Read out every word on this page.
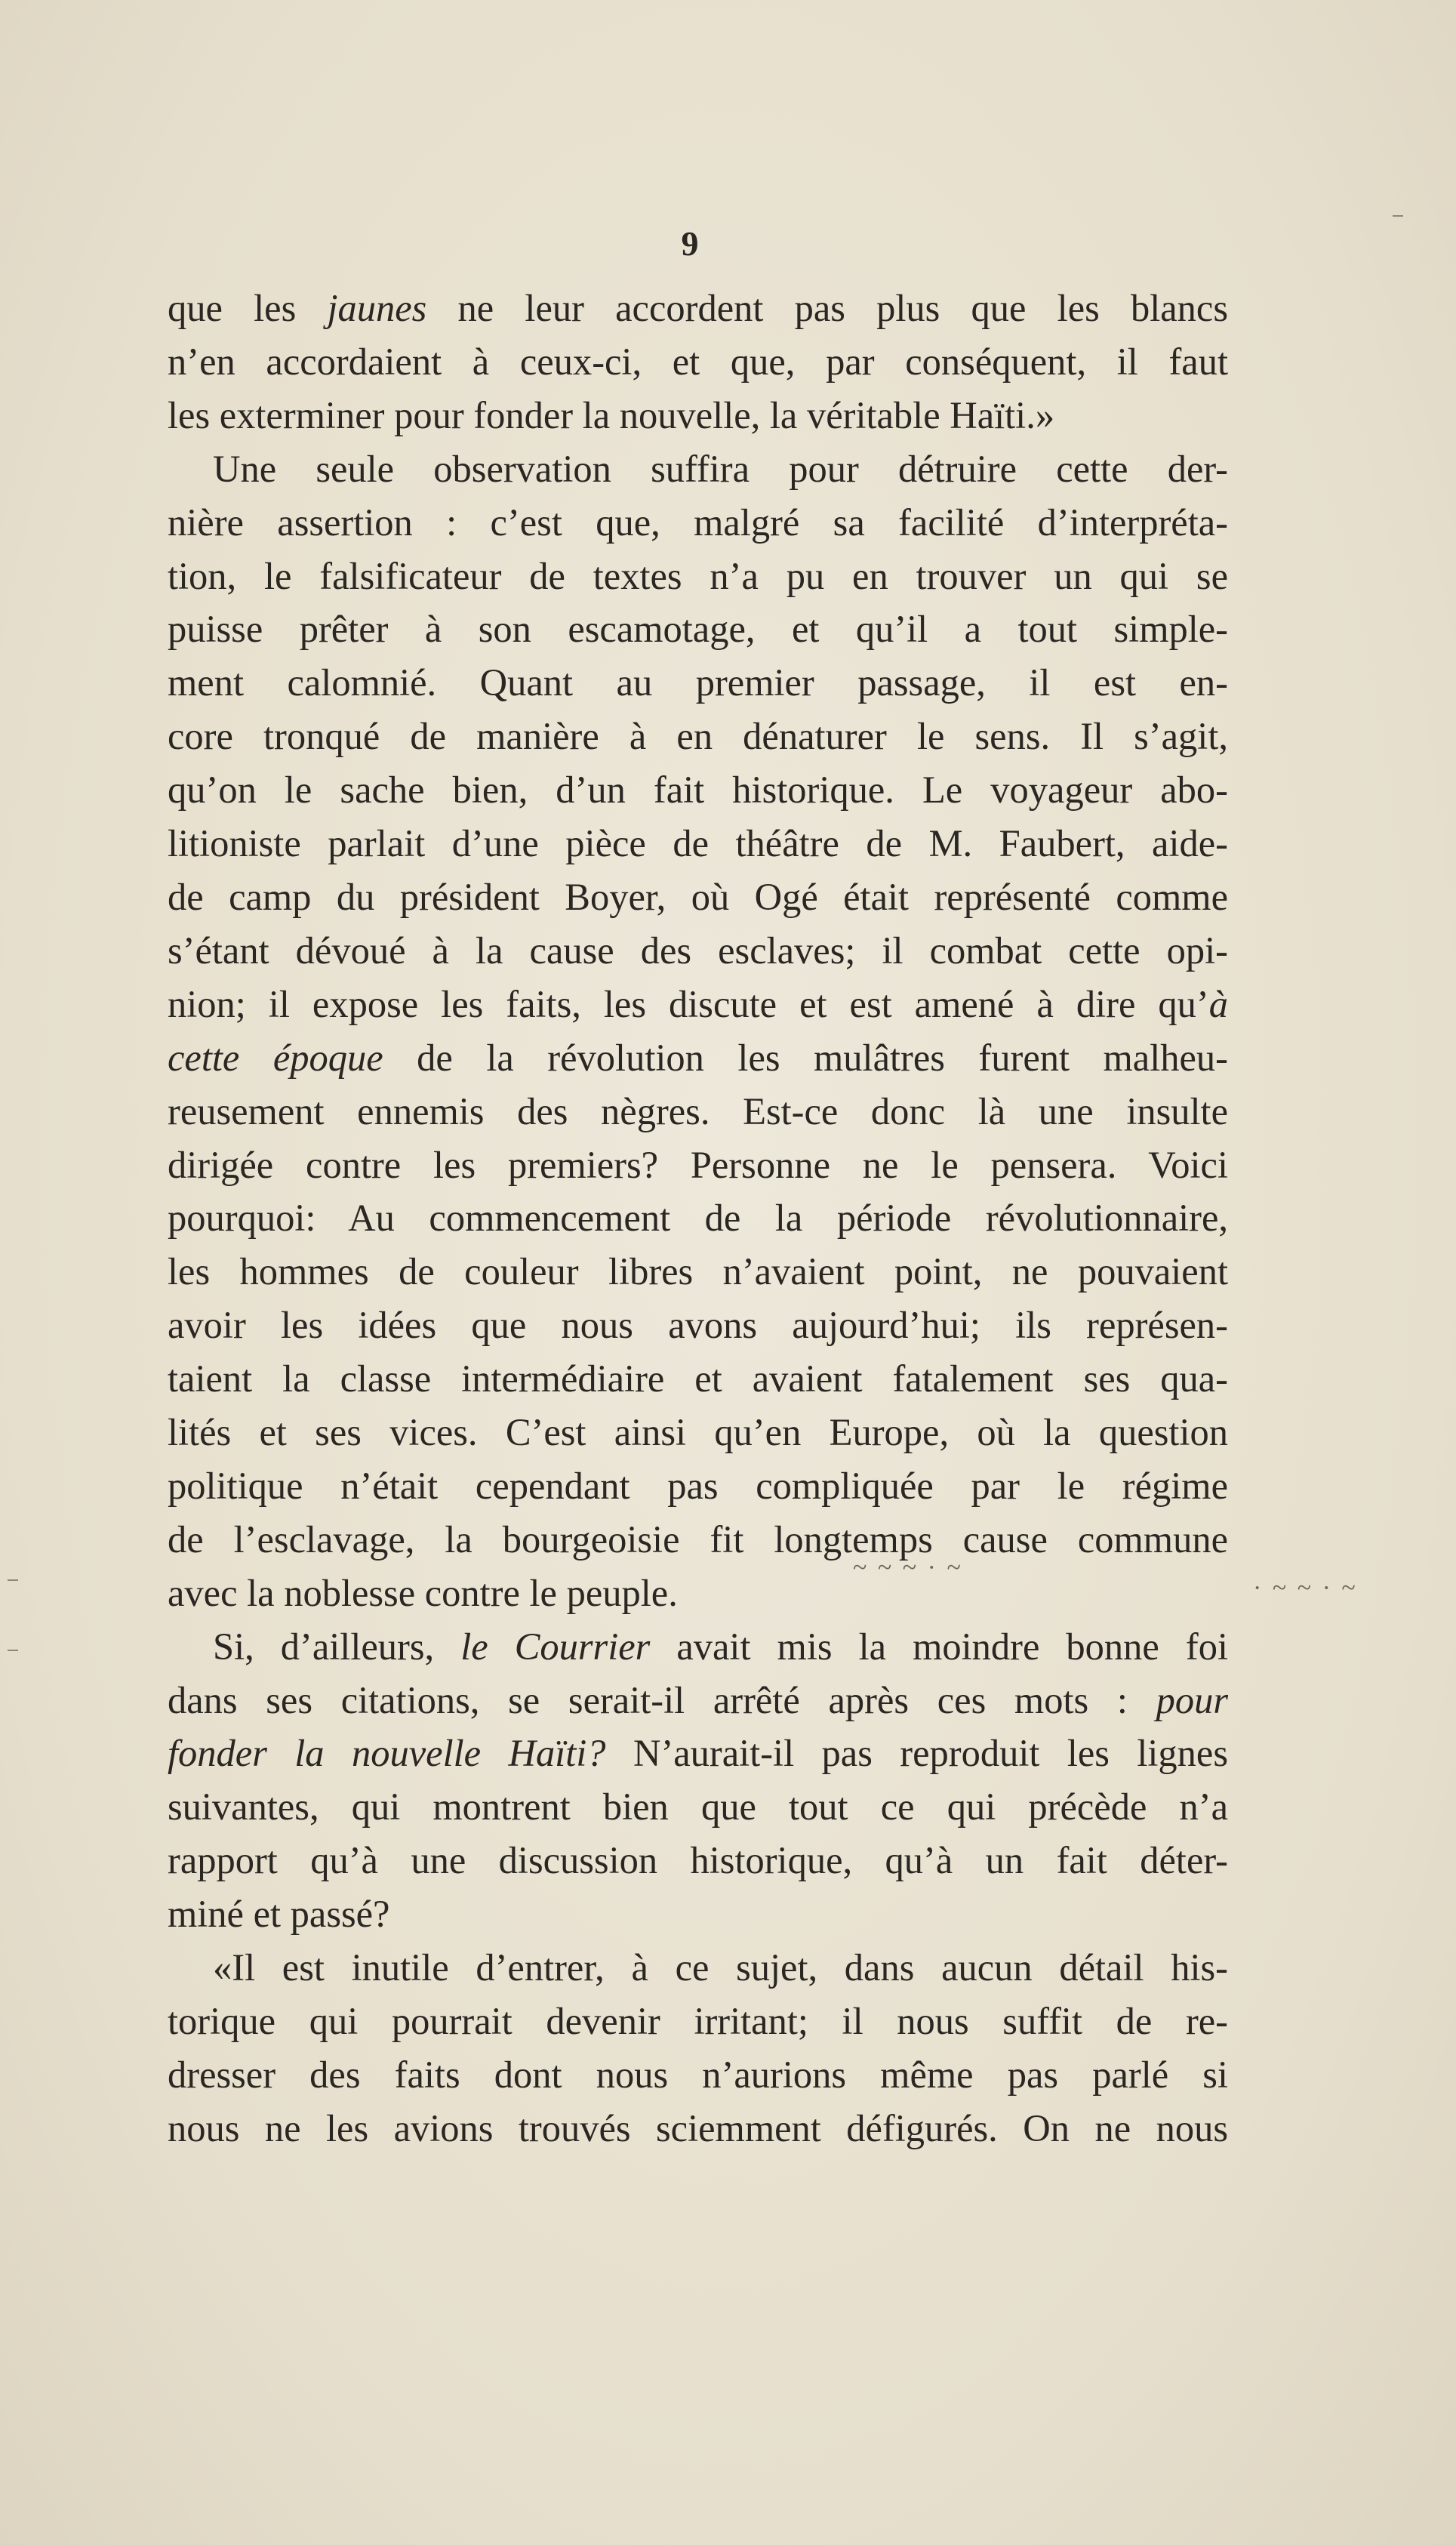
9
que les jaunes ne leur accordent pas plus que les blancs
n’en accordaient à ceux-ci, et que, par conséquent, il faut
les exterminer pour fonder la nouvelle, la véritable Haïti.»
Une seule observation suffira pour détruire cette der-
nière assertion : c’est que, malgré sa facilité d’interpréta-
tion, le falsificateur de textes n’a pu en trouver un qui se
puisse prêter à son escamotage, et qu’il a tout simple-
ment calomnié. Quant au premier passage, il est en-
core tronqué de manière à en dénaturer le sens. Il s’agit,
qu’on le sache bien, d’un fait historique. Le voyageur abo-
litioniste parlait d’une pièce de théâtre de M. Faubert, aide-
de camp du président Boyer, où Ogé était représenté comme
s’étant dévoué à la cause des esclaves; il combat cette opi-
nion; il expose les faits, les discute et est amené à dire qu’à
cette époque de la révolution les mulâtres furent malheu-
reusement ennemis des nègres. Est-ce donc là une insulte
dirigée contre les premiers? Personne ne le pensera. Voici
pourquoi: Au commencement de la période révolutionnaire,
les hommes de couleur libres n’avaient point, ne pouvaient
avoir les idées que nous avons aujourd’hui; ils représen-
taient la classe intermédiaire et avaient fatalement ses qua-
lités et ses vices. C’est ainsi qu’en Europe, où la question
politique n’était cependant pas compliquée par le régime
de l’esclavage, la bourgeoisie fit longtemps cause commune
avec la noblesse contre le peuple.
Si, d’ailleurs, le Courrier avait mis la moindre bonne foi
dans ses citations, se serait-il arrêté après ces mots : pour
fonder la nouvelle Haïti? N’aurait-il pas reproduit les lignes
suivantes, qui montrent bien que tout ce qui précède n’a
rapport qu’à une discussion historique, qu’à un fait déter-
miné et passé?
«Il est inutile d’entrer, à ce sujet, dans aucun détail his-
torique qui pourrait devenir irritant; il nous suffit de re-
dresser des faits dont nous n’aurions même pas parlé si
nous ne les avions trouvés sciemment défigurés. On ne nous
~ ~ ~ · ~
· ~ ~ · ~
